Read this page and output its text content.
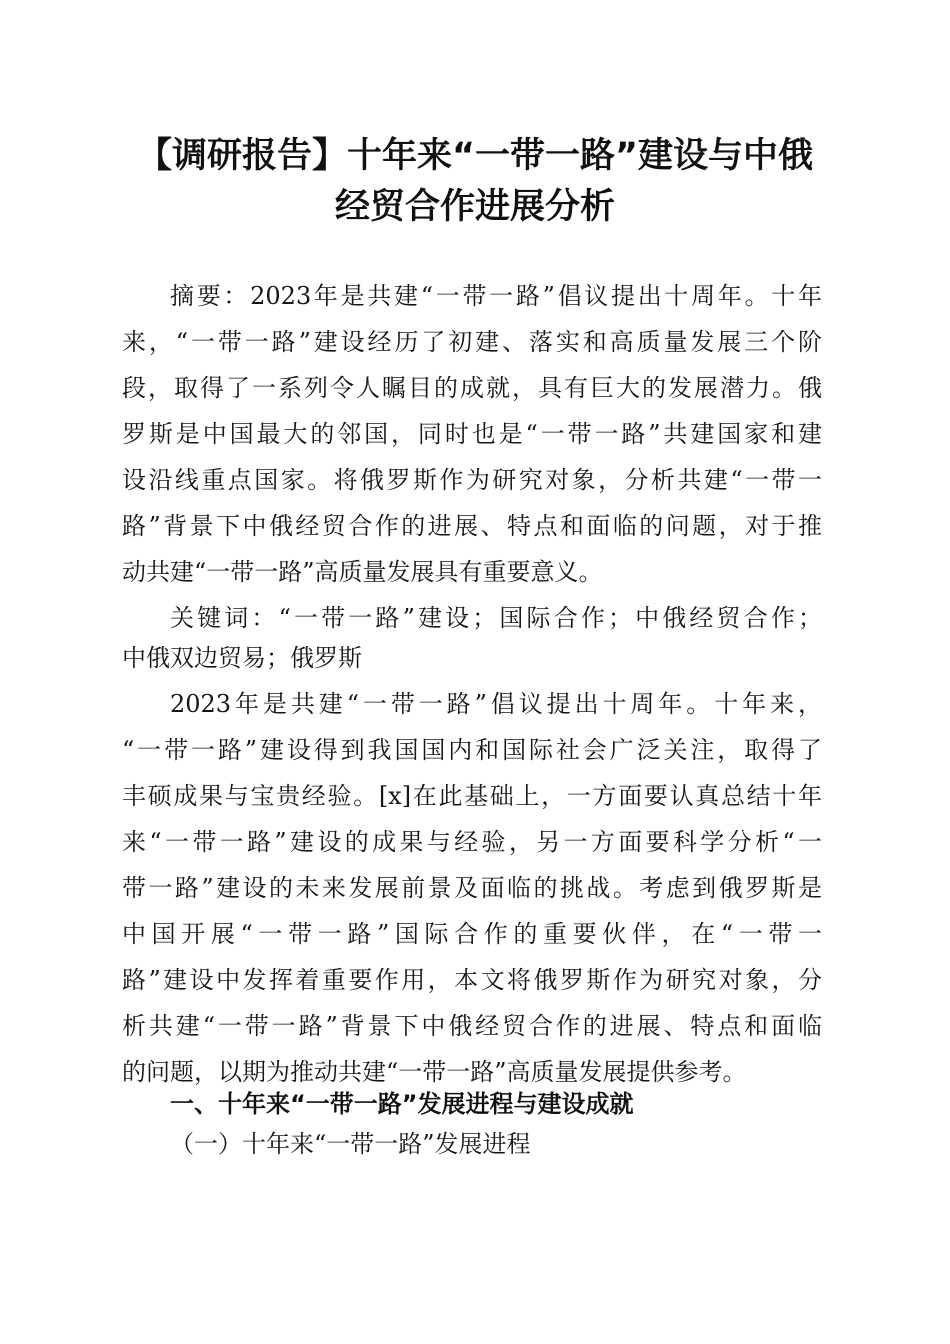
【调研报告】十年来“一带一路”建设与中俄
经贸合作进展分析
摘要：2023年是共建“一带一路”倡议提出十周年。十年
来，“一带一路”建设经历了初建、落实和高质量发展三个阶
段，取得了一系列令人瞩目的成就，具有巨大的发展潜力。俄
罗斯是中国最大的邻国，同时也是“一带一路”共建国家和建
设沿线重点国家。将俄罗斯作为研究对象，分析共建“一带一
路”背景下中俄经贸合作的进展、特点和面临的问题，对于推
动共建“一带一路”高质量发展具有重要意义。
关键词：“一带一路”建设；国际合作；中俄经贸合作；
中俄双边贸易；俄罗斯
2023年是共建“一带一路”倡议提出十周年。十年来，
“一带一路”建设得到我国国内和国际社会广泛关注，取得了
丰硕成果与宝贵经验。[x]在此基础上，一方面要认真总结十年
来“一带一路”建设的成果与经验，另一方面要科学分析“一
带一路”建设的未来发展前景及面临的挑战。考虑到俄罗斯是
中国开展“一带一路”国际合作的重要伙伴，在“一带一
路”建设中发挥着重要作用，本文将俄罗斯作为研究对象，分
析共建“一带一路”背景下中俄经贸合作的进展、特点和面临
的问题，以期为推动共建“一带一路”高质量发展提供参考。
一、十年来“一带一路”发展进程与建设成就
（一）十年来“一带一路”发展进程
